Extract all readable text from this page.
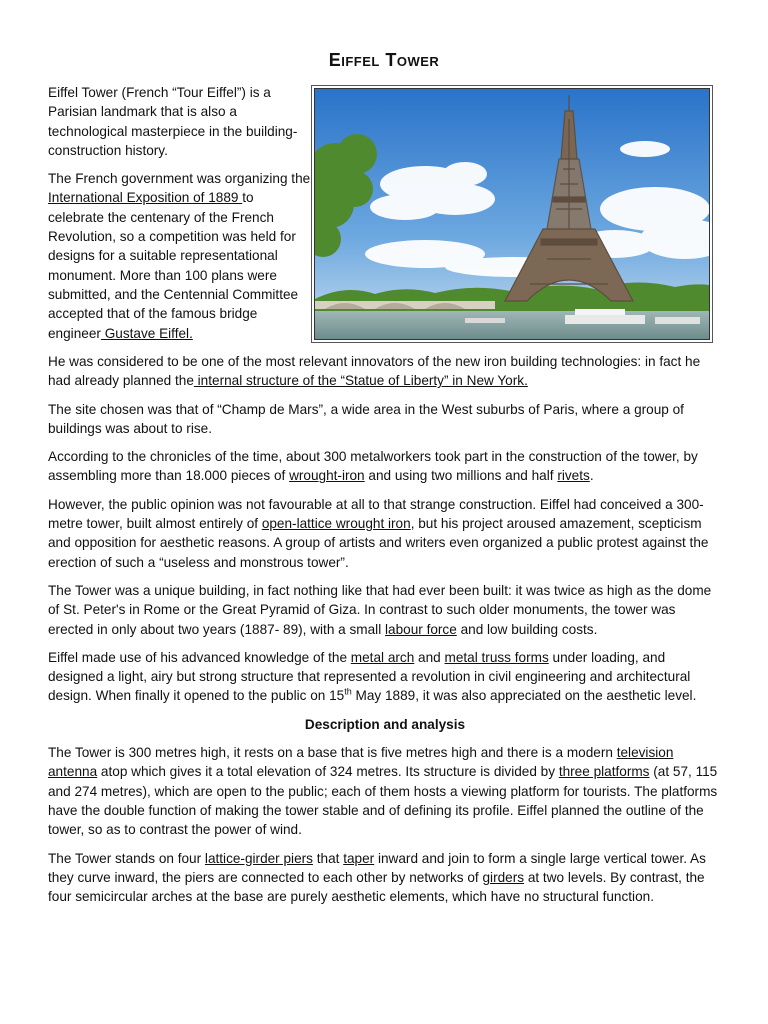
Eiffel Tower

Eiffel Tower (French “Tour Eiffel”) is a Parisian landmark that is also a technological masterpiece in the building-construction history.

The French government was organizing the International Exposition of 1889 to celebrate the centenary of the French Revolution, so a competition was held for designs for a suitable representational monument. More than 100 plans were submitted, and the Centennial Committee accepted that of the famous bridge engineer Gustave Eiffel.

He was considered to be one of the most relevant innovators of the new iron building technologies: in fact he had already planned the internal structure of the “Statue of Liberty” in New York.

The site chosen was that of “Champ de Mars”, a wide area in the West suburbs of Paris, where a group of buildings was about to rise.

According to the chronicles of the time, about 300 metalworkers took part in the construction of the tower, by assembling more than 18.000 pieces of wrought-iron and using two millions and half rivets.

However, the public opinion was not favourable at all to that strange construction. Eiffel had conceived a 300-metre tower, built almost entirely of open-lattice wrought iron, but his project aroused amazement, scepticism and opposition for aesthetic reasons. A group of artists and writers even organized a public protest against the erection of such a “useless and monstrous tower”.

The Tower was a unique building, in fact nothing like that had ever been built: it was twice as high as the dome of St. Peter's in Rome or the Great Pyramid of Giza. In contrast to such older monuments, the tower was erected in only about two years (1887- 89), with a small labour force and low building costs.

Eiffel made use of his advanced knowledge of the metal arch and metal truss forms under loading, and designed a light, airy but strong structure that represented a revolution in civil engineering and architectural design. When finally it opened to the public on 15th May 1889, it was also appreciated on the aesthetic level.

Description and analysis

The Tower is 300 metres high, it rests on a base that is five metres high and there is a modern television antenna atop which gives it a total elevation of 324 metres. Its structure is divided by three platforms (at 57, 115 and 274 metres), which are open to the public; each of them hosts a viewing platform for tourists. The platforms have the double function of making the tower stable and of defining its profile. Eiffel planned the outline of the tower, so as to contrast the power of wind.

The Tower stands on four lattice-girder piers that taper inward and join to form a single large vertical tower. As they curve inward, the piers are connected to each other by networks of girders at two levels. By contrast, the four semicircular arches at the base are purely aesthetic elements, which have no structural function.
